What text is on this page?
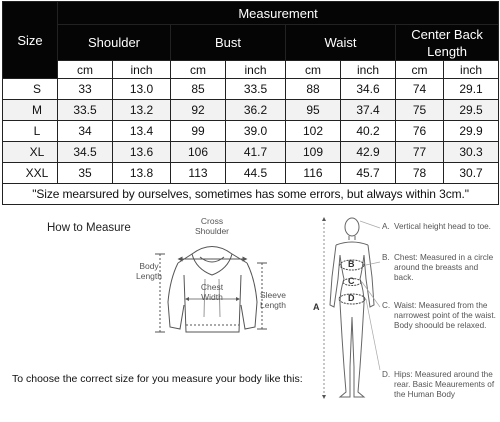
Size	Measurement							
	Shoulder		Bust		Waist		Center Back Length	
	cm	inch	cm	inch	cm	inch	cm	inch
S	33	13.0	85	33.5	88	34.6	74	29.1
M	33.5	13.2	92	36.2	95	37.4	75	29.5
L	34	13.4	99	39.0	102	40.2	76	29.9
XL	34.5	13.6	106	41.7	109	42.9	77	30.3
XXL	35	13.8	113	44.5	116	45.7	78	30.7
"Size mearsured by ourselves, sometimes has some errors, but always within 3cm."								
How to Measure
Cross
Shoulder
Body
Length
Chest
Width	Sleeve
Length	A
B
C
D
To choose the correct size for you measure your body like this:
A. Vertical height head to toe.
B. Chest: Measured in a circle around the breasts and back.
C. Waist: Measured from the narrowest point of the waist. Body shoould be relaxed.
D. Hips: Measured around the rear. Basic Meaurements of the Human Body
